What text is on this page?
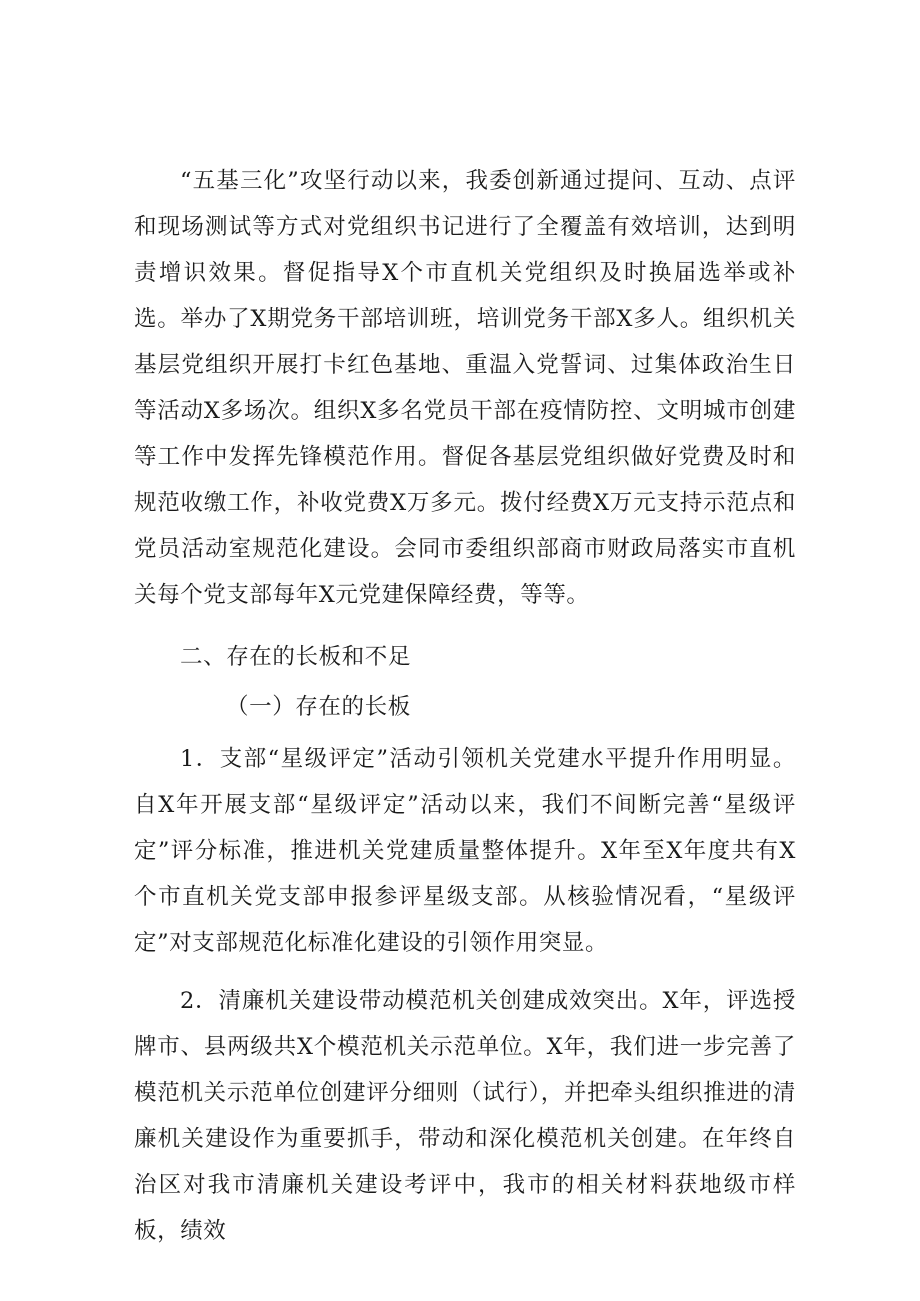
“五基三化”攻坚行动以来，我委创新通过提问、互动、点评和现场测试等方式对党组织书记进行了全覆盖有效培训，达到明责增识效果。督促指导X个市直机关党组织及时换届选举或补选。举办了X期党务干部培训班，培训党务干部X多人。组织机关基层党组织开展打卡红色基地、重温入党誓词、过集体政治生日等活动X多场次。组织X多名党员干部在疫情防控、文明城市创建等工作中发挥先锋模范作用。督促各基层党组织做好党费及时和规范收缴工作，补收党费X万多元。拨付经费X万元支持示范点和党员活动室规范化建设。会同市委组织部商市财政局落实市直机关每个党支部每年X元党建保障经费，等等。

二、存在的长板和不足

（一）存在的长板

1．支部“星级评定”活动引领机关党建水平提升作用明显。自X年开展支部“星级评定”活动以来，我们不间断完善“星级评定”评分标准，推进机关党建质量整体提升。X年至X年度共有X个市直机关党支部申报参评星级支部。从核验情况看，“星级评定”对支部规范化标准化建设的引领作用突显。

2．清廉机关建设带动模范机关创建成效突出。X年，评选授牌市、县两级共X个模范机关示范单位。X年，我们进一步完善了模范机关示范单位创建评分细则（试行），并把牵头组织推进的清廉机关建设作为重要抓手，带动和深化模范机关创建。在年终自治区对我市清廉机关建设考评中，我市的相关材料获地级市样板，绩效
